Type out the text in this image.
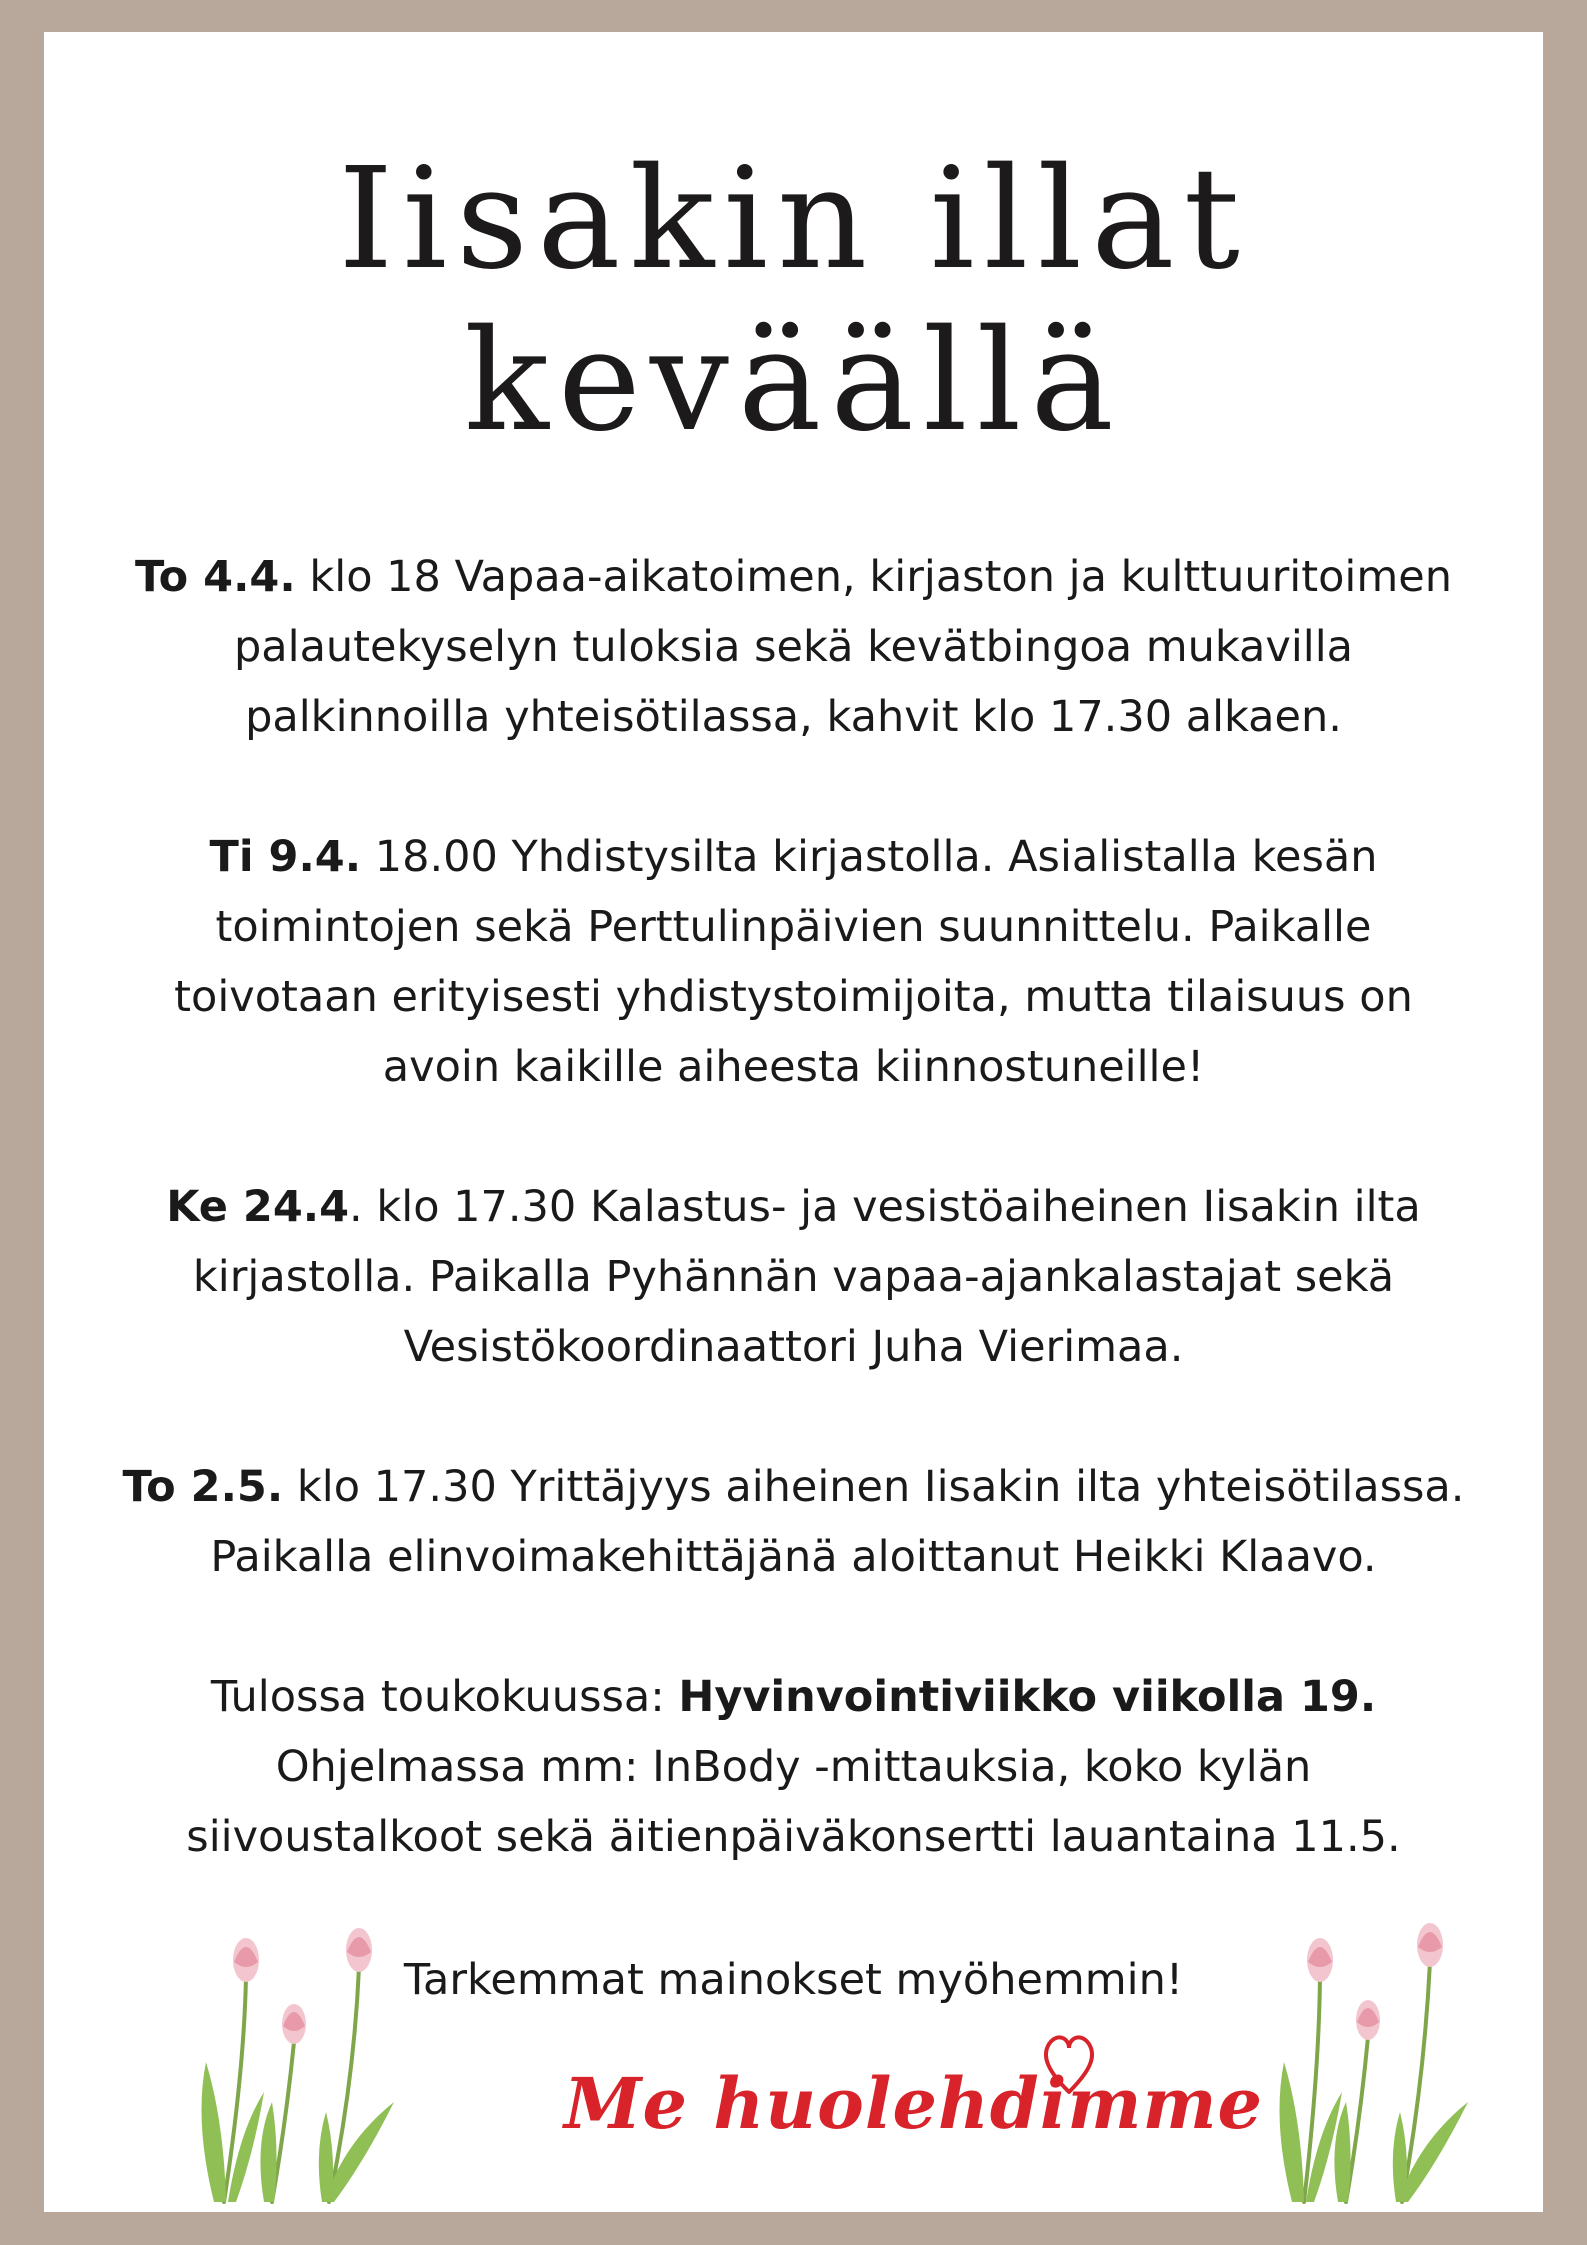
Iisakin illat
keväällä

To 4.4. klo 18 Vapaa-aikatoimen, kirjaston ja kulttuuritoimen
palautekyselyn tuloksia sekä kevätbingoa mukavilla
palkinnoilla yhteisötilassa, kahvit klo 17.30 alkaen.

Ti 9.4. 18.00 Yhdistysilta kirjastolla. Asialistalla kesän
toimintojen sekä Perttulinpäivien suunnittelu. Paikalle
toivotaan erityisesti yhdistystoimijoita, mutta tilaisuus on
avoin kaikille aiheesta kiinnostuneille!

Ke 24.4. klo 17.30 Kalastus- ja vesistöaiheinen Iisakin ilta
kirjastolla. Paikalla Pyhännän vapaa-ajankalastajat sekä
Vesistökoordinaattori Juha Vierimaa.

To 2.5. klo 17.30 Yrittäjyys aiheinen Iisakin ilta yhteisötilassa.
Paikalla elinvoimakehittäjänä aloittanut Heikki Klaavo.

Tulossa toukokuussa: Hyvinvointiviikko viikolla 19.
Ohjelmassa mm: InBody -mittauksia, koko kylän
siivoustalkoot sekä äitienpäiväkonsertti lauantaina 11.5.

Tarkemmat mainokset myöhemmin!

Me huolehdimme
